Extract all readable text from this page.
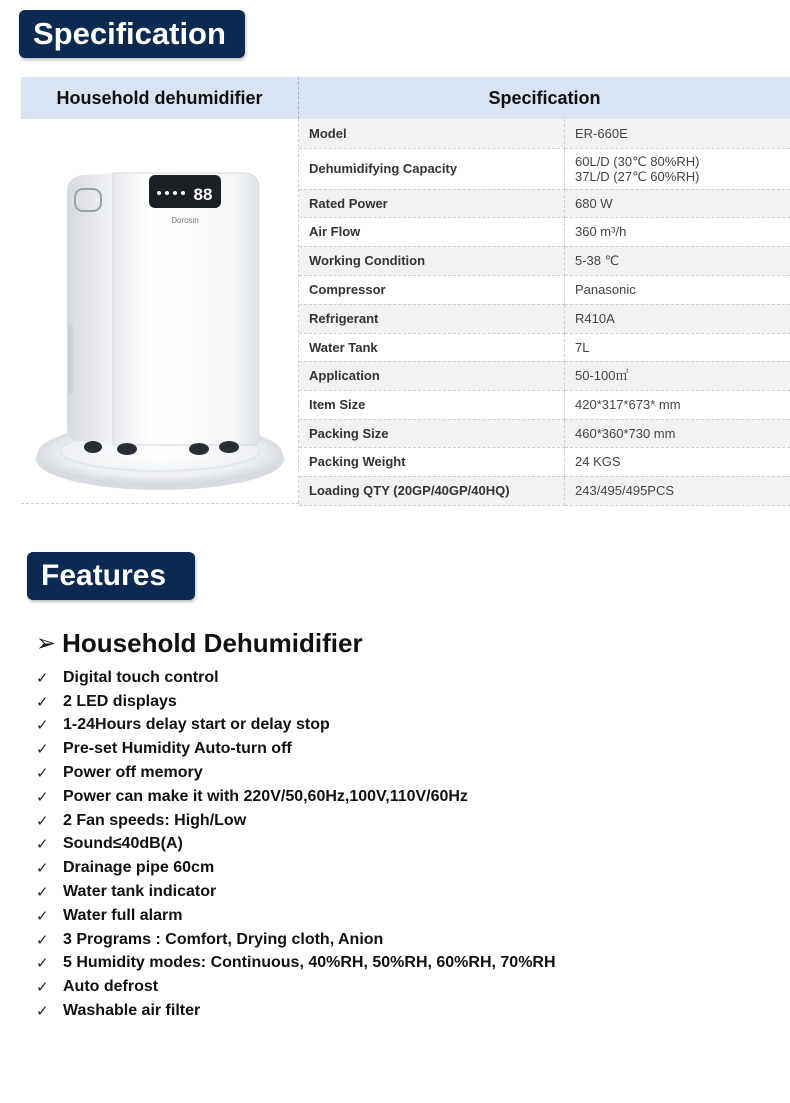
Specification
Household dehumidifier	Specification
88
Dorosin
Model	ER-660E
Dehumidifying Capacity	60L/D (30℃ 80%RH)
37L/D (27℃ 60%RH)
Rated Power	680 W
Air Flow	360 m³/h
Working Condition	5-38 ℃
Compressor	Panasonic
Refrigerant	R410A
Water Tank	7L
Application	50-100㎡
Item Size	420*317*673* mm
Packing Size	460*360*730 mm
Packing Weight	24 KGS
Loading QTY (20GP/40GP/40HQ)	243/495/495PCS
Features
➢ Household Dehumidifier
✓ Digital touch control
✓ 2 LED displays
✓ 1-24Hours delay start or delay stop
✓ Pre-set Humidity Auto-turn off
✓ Power off memory
✓ Power can make it with 220V/50,60Hz,100V,110V/60Hz
✓ 2 Fan speeds: High/Low
✓ Sound≤40dB(A)
✓ Drainage pipe 60cm
✓ Water tank indicator
✓ Water full alarm
✓ 3 Programs : Comfort, Drying cloth, Anion
✓ 5 Humidity modes: Continuous, 40%RH, 50%RH, 60%RH, 70%RH
✓ Auto defrost
✓ Washable air filter
